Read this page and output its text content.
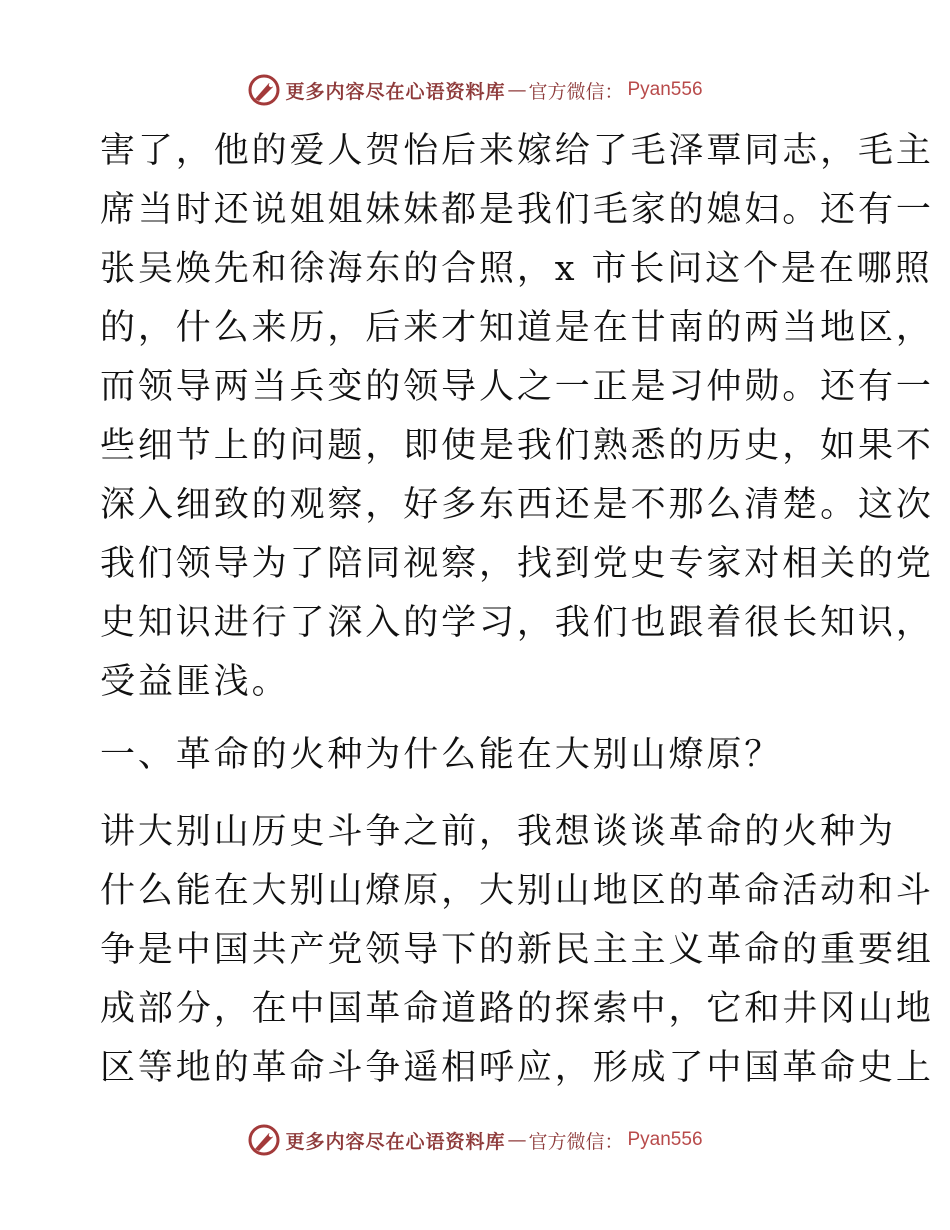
更多内容尽在心语资料库 — 官方微信： Pyan556
害了，他的爱人贺怡后来嫁给了毛泽覃同志，毛主
席当时还说姐姐妹妹都是我们毛家的媳妇。还有一
张吴焕先和徐海东的合照，x 市长问这个是在哪照
的，什么来历，后来才知道是在甘南的两当地区，
而领导两当兵变的领导人之一正是习仲勋。还有一
些细节上的问题，即使是我们熟悉的历史，如果不
深入细致的观察，好多东西还是不那么清楚。这次
我们领导为了陪同视察，找到党史专家对相关的党
史知识进行了深入的学习，我们也跟着很长知识，
受益匪浅。
一、革命的火种为什么能在大别山燎原？
讲大别山历史斗争之前，我想谈谈革命的火种为
什么能在大别山燎原，大别山地区的革命活动和斗
争是中国共产党领导下的新民主主义革命的重要组
成部分，在中国革命道路的探索中，它和井冈山地
区等地的革命斗争遥相呼应，形成了中国革命史上
更多内容尽在心语资料库 — 官方微信： Pyan556
